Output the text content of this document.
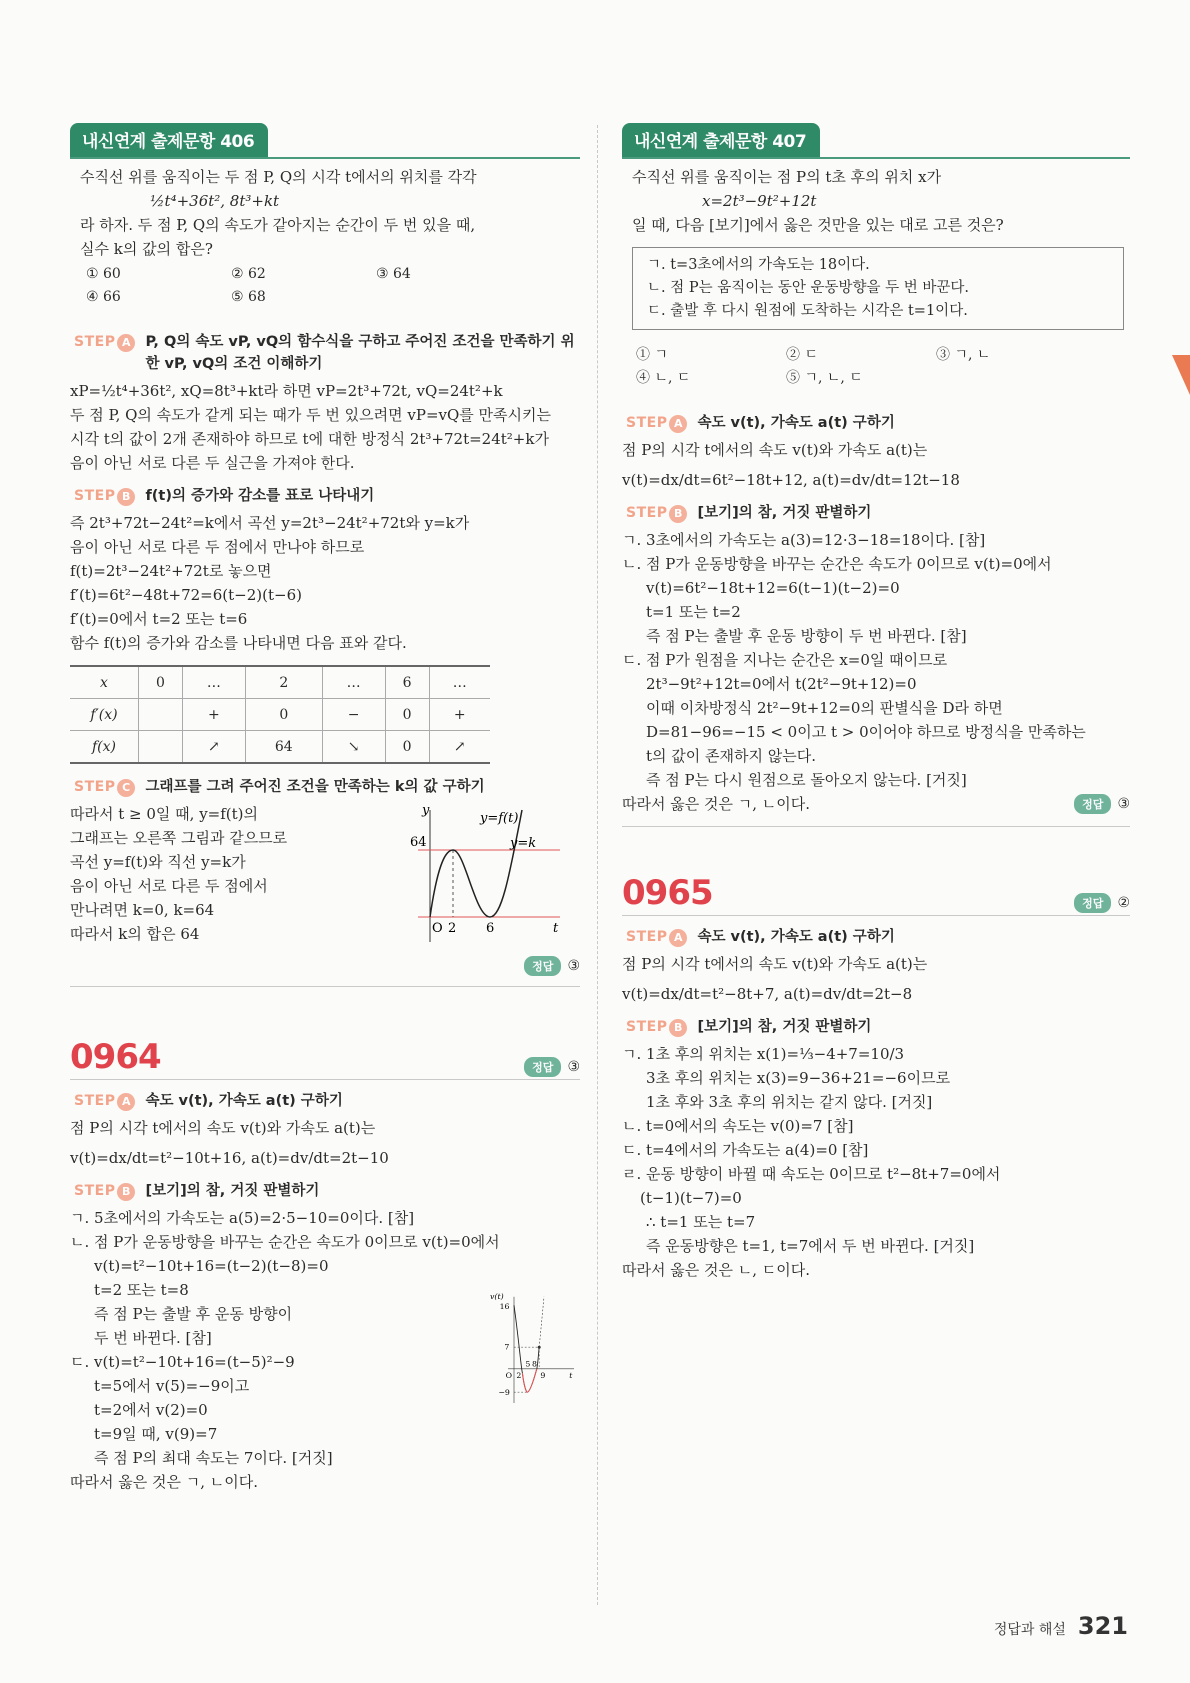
내신연계 출제문항 406

수직선 위를 움직이는 두 점 P, Q의 시각 t에서의 위치를 각각

½t⁴+36t², 8t³+kt

라 하자. 두 점 P, Q의 속도가 같아지는 순간이 두 번 있을 때,

실수 k의 값의 합은?

① 60	② 62	③ 64
④ 66	⑤ 68
STEP A	P, Q의 속도 vP, vQ의 함수식을 구하고 주어진 조건을 만족하기 위한 vP, vQ의 조건 이해하기

xP=½t⁴+36t², xQ=8t³+kt라 하면 vP=2t³+72t, vQ=24t²+k

두 점 P, Q의 속도가 같게 되는 때가 두 번 있으려면 vP=vQ를 만족시키는

시각 t의 값이 2개 존재하야 하므로 t에 대한 방정식 2t³+72t=24t²+k가

음이 아닌 서로 다른 두 실근을 가져야 한다.

STEP B	f(t)의 증가와 감소를 표로 나타내기

즉 2t³+72t−24t²=k에서 곡선 y=2t³−24t²+72t와 y=k가

음이 아닌 서로 다른 두 점에서 만나야 하므로

f(t)=2t³−24t²+72t로 놓으면

f′(t)=6t²−48t+72=6(t−2)(t−6)

f′(t)=0에서 t=2 또는 t=6

함수 f(t)의 증가와 감소를 나타내면 다음 표와 같다.

x	0	…	2	…	6	…
f′(x)		+	0	−	0	+
f(x)		↗	64	↘	0	↗
STEP C	그래프를 그려 주어진 조건을 만족하는 k의 값 구하기

따라서 t ≥ 0일 때, y=f(t)의

그래프는 오른쪽 그림과 같으므로

곡선 y=f(t)와 직선 y=k가

음이 아닌 서로 다른 두 점에서

만나려면 k=0, k=64

따라서 k의 합은 64

y
y=f(t)
y=k
64
O 2 6	t
정답	③
0964	정답	③
STEP A	속도 v(t), 가속도 a(t) 구하기

점 P의 시각 t에서의 속도 v(t)와 가속도 a(t)는

v(t)=dx/dt=t²−10t+16, a(t)=dv/dt=2t−10

STEP B	[보기]의 참, 거짓 판별하기

ㄱ. 5초에서의 가속도는 a(5)=2·5−10=0이다. [참]

ㄴ. 점 P가 운동방향을 바꾸는 순간은 속도가 0이므로 v(t)=0에서

v(t)=t²−10t+16=(t−2)(t−8)=0

t=2 또는 t=8

즉 점 P는 출발 후 운동 방향이

두 번 바뀐다. [참]

ㄷ. v(t)=t²−10t+16=(t−5)²−9

t=5에서 v(5)=−9이고

t=2에서 v(2)=0

t=9일 때, v(9)=7

즉 점 P의 최대 속도는 7이다. [거짓]

따라서 옳은 것은 ㄱ, ㄴ이다.

v(t)
16
7
−9
O 2
5 8
9 t
내신연계 출제문항 407

수직선 위를 움직이는 점 P의 t초 후의 위치 x가

x=2t³−9t²+12t

일 때, 다음 [보기]에서 옳은 것만을 있는 대로 고른 것은?

ㄱ. t=3초에서의 가속도는 18이다.
ㄴ. 점 P는 움직이는 동안 운동방향을 두 번 바꾼다.
ㄷ. 출발 후 다시 원점에 도착하는 시각은 t=1이다.
① ㄱ	② ㄷ	③ ㄱ, ㄴ
④ ㄴ, ㄷ	⑤ ㄱ, ㄴ, ㄷ
STEP A	속도 v(t), 가속도 a(t) 구하기

점 P의 시각 t에서의 속도 v(t)와 가속도 a(t)는

v(t)=dx/dt=6t²−18t+12, a(t)=dv/dt=12t−18

STEP B	[보기]의 참, 거짓 판별하기

ㄱ. 3초에서의 가속도는 a(3)=12·3−18=18이다. [참]

ㄴ. 점 P가 운동방향을 바꾸는 순간은 속도가 0이므로 v(t)=0에서

v(t)=6t²−18t+12=6(t−1)(t−2)=0

t=1 또는 t=2

즉 점 P는 출발 후 운동 방향이 두 번 바뀐다. [참]

ㄷ. 점 P가 원점을 지나는 순간은 x=0일 때이므로

2t³−9t²+12t=0에서 t(2t²−9t+12)=0

이때 이차방정식 2t²−9t+12=0의 판별식을 D라 하면

D=81−96=−15 < 0이고 t > 0이어야 하므로 방정식을 만족하는

t의 값이 존재하지 않는다.

즉 점 P는 다시 원점으로 돌아오지 않는다. [거짓]

따라서 옳은 것은 ㄱ, ㄴ이다.	정답	③
0965	정답	②
STEP A	속도 v(t), 가속도 a(t) 구하기

점 P의 시각 t에서의 속도 v(t)와 가속도 a(t)는

v(t)=dx/dt=t²−8t+7, a(t)=dv/dt=2t−8

STEP B	[보기]의 참, 거짓 판별하기

ㄱ. 1초 후의 위치는 x(1)=⅓−4+7=10/3

3초 후의 위치는 x(3)=9−36+21=−6이므로

1초 후와 3초 후의 위치는 같지 않다. [거짓]

ㄴ. t=0에서의 속도는 v(0)=7 [참]

ㄷ. t=4에서의 가속도는 a(4)=0 [참]

ㄹ. 운동 방향이 바뀔 때 속도는 0이므로 t²−8t+7=0에서

(t−1)(t−7)=0

∴ t=1 또는 t=7

즉 운동방향은 t=1, t=7에서 두 번 바뀐다. [거짓]

따라서 옳은 것은 ㄴ, ㄷ이다.

정답과 해설 321
